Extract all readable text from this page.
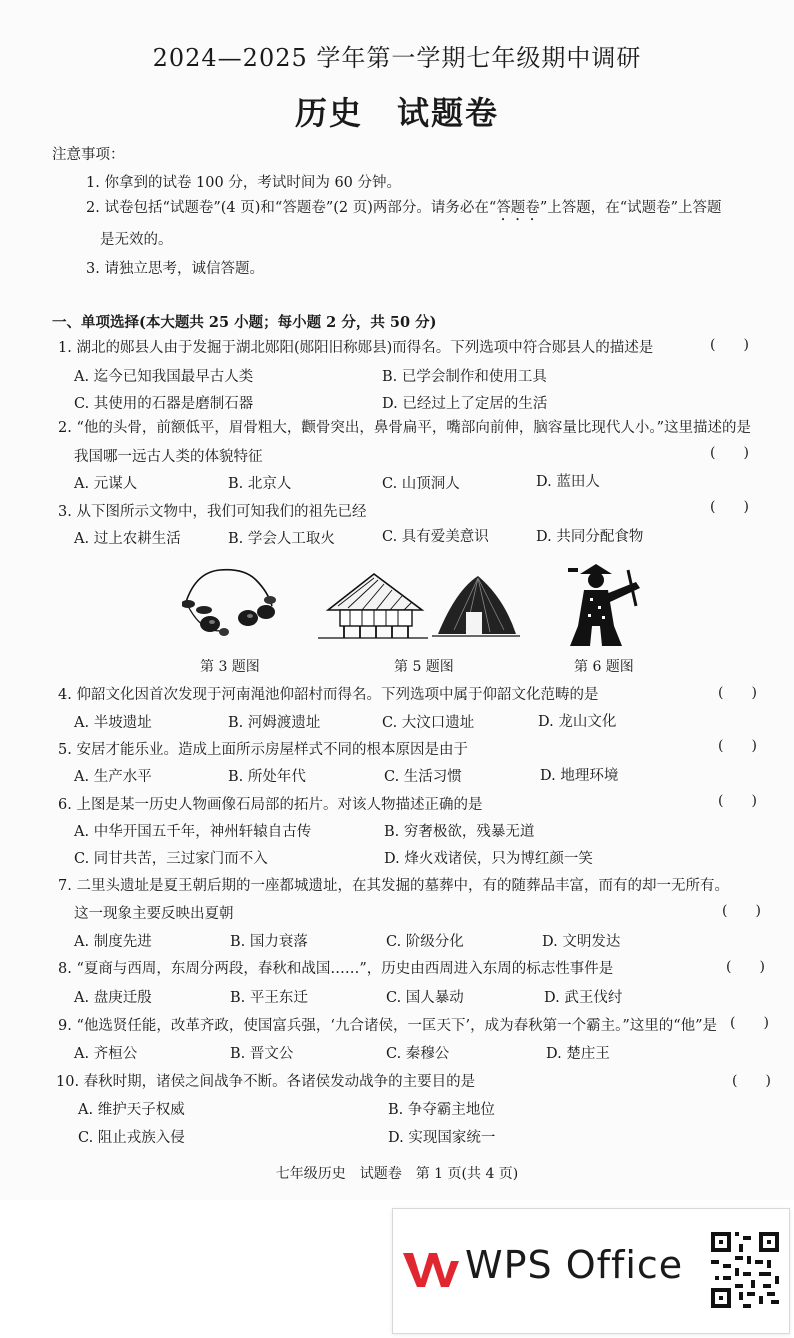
2024—2025 学年第一学期七年级期中调研
历史　试题卷
注意事项：
1. 你拿到的试卷 100 分，考试时间为 60 分钟。
2. 试卷包括“试题卷”(4 页)和“答题卷”(2 页)两部分。请务必在“答题卷”上答题，在“试题卷”上答题
是无效的。
3. 请独立思考，诚信答题。
一、单项选择(本大题共 25 小题；每小题 2 分，共 50 分)
1. 湖北的郧县人由于发掘于湖北郧阳(郧阳旧称郧县)而得名。下列选项中符合郧县人的描述是	(　　)
A. 迄今已知我国最早古人类	B. 已学会制作和使用工具
C. 其使用的石器是磨制石器	D. 已经过上了定居的生活
2. “他的头骨，前额低平，眉骨粗大，颧骨突出，鼻骨扁平，嘴部向前伸，脑容量比现代人小。”这里描述的是
我国哪一远古人类的体貌特征	(　　)
A. 元谋人	B. 北京人	C. 山顶洞人	D. 蓝田人
3. 从下图所示文物中，我们可知我们的祖先已经	(　　)
A. 过上农耕生活	B. 学会人工取火	C. 具有爱美意识	D. 共同分配食物
第 3 题图	第 5 题图	第 6 题图
4. 仰韶文化因首次发现于河南渑池仰韶村而得名。下列选项中属于仰韶文化范畴的是	(　　)
A. 半坡遗址	B. 河姆渡遗址	C. 大汶口遗址	D. 龙山文化
5. 安居才能乐业。造成上面所示房屋样式不同的根本原因是由于	(　　)
A. 生产水平	B. 所处年代	C. 生活习惯	D. 地理环境
6. 上图是某一历史人物画像石局部的拓片。对该人物描述正确的是	(　　)
A. 中华开国五千年，神州轩辕自古传	B. 穷奢极欲，残暴无道
C. 同甘共苦，三过家门而不入	D. 烽火戏诸侯，只为博红颜一笑
7. 二里头遗址是夏王朝后期的一座都城遗址，在其发掘的墓葬中，有的随葬品丰富，而有的却一无所有。
这一现象主要反映出夏朝	(　　)
A. 制度先进	B. 国力衰落	C. 阶级分化	D. 文明发达
8. “夏商与西周，东周分两段，春秋和战国……”，历史由西周进入东周的标志性事件是	(　　)
A. 盘庚迁殷	B. 平王东迁	C. 国人暴动	D. 武王伐纣
9. “他选贤任能，改革齐政，使国富兵强，‘九合诸侯，一匡天下’，成为春秋第一个霸主。”这里的“他”是 (　　)
A. 齐桓公	B. 晋文公	C. 秦穆公	D. 楚庄王
10. 春秋时期，诸侯之间战争不断。各诸侯发动战争的主要目的是	(　　)
A. 维护天子权威	B. 争夺霸主地位
C. 阻止戎族入侵	D. 实现国家统一
七年级历史　试题卷　第 1 页(共 4 页)
WPS Office
